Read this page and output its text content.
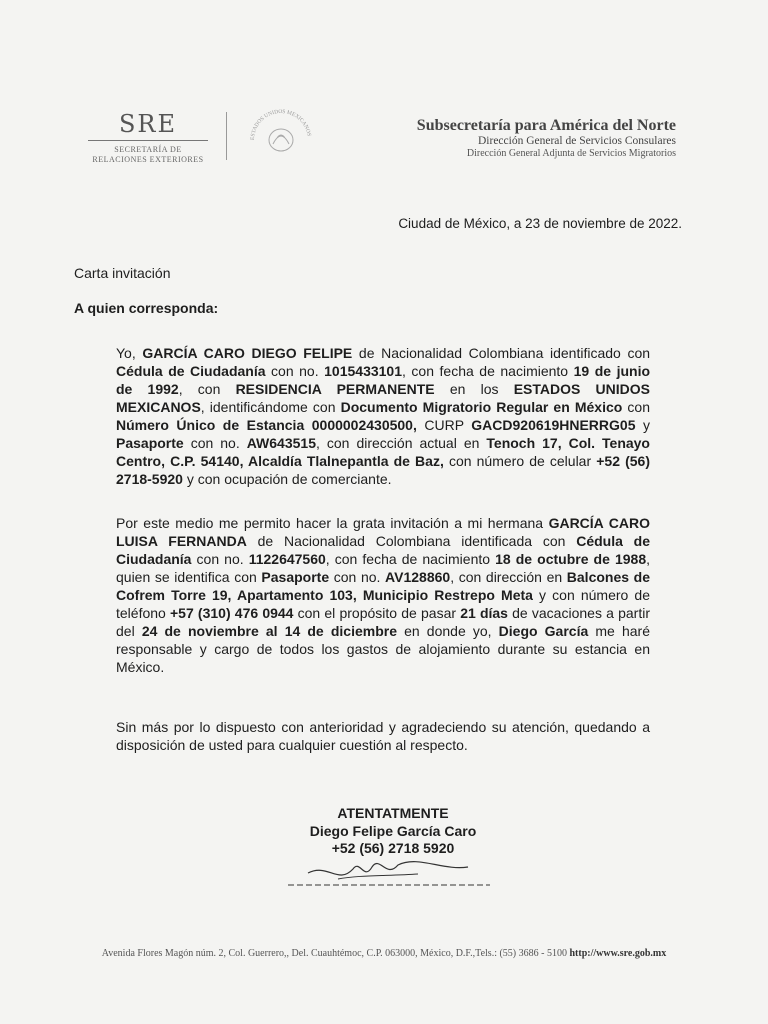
SRE
SECRETARÍA DE
RELACIONES EXTERIORES
ESTADOS UNIDOS MEXICANOS
Subsecretaría para América del Norte
Dirección General de Servicios Consulares
Dirección General Adjunta de Servicios Migratorios
Ciudad de México, a 23 de noviembre de 2022.
Carta invitación
A quien corresponda:
Yo, GARCÍA CARO DIEGO FELIPE de Nacionalidad Colombiana identificado con Cédula de Ciudadanía con no. 1015433101, con fecha de nacimiento 19 de junio de 1992, con RESIDENCIA PERMANENTE en los ESTADOS UNIDOS MEXICANOS, identificándome con Documento Migratorio Regular en México con Número Único de Estancia 0000002430500, CURP GACD920619HNERRG05 y Pasaporte con no. AW643515, con dirección actual en Tenoch 17, Col. Tenayo Centro, C.P. 54140, Alcaldía Tlalnepantla de Baz, con número de celular +52 (56) 2718-5920 y con ocupación de comerciante.
Por este medio me permito hacer la grata invitación a mi hermana GARCÍA CARO LUISA FERNANDA de Nacionalidad Colombiana identificada con Cédula de Ciudadanía con no. 1122647560, con fecha de nacimiento 18 de octubre de 1988, quien se identifica con Pasaporte con no. AV128860, con dirección en Balcones de Cofrem Torre 19, Apartamento 103, Municipio Restrepo Meta y con número de teléfono +57 (310) 476 0944 con el propósito de pasar 21 días de vacaciones a partir del 24 de noviembre al 14 de diciembre en donde yo, Diego García me haré responsable y cargo de todos los gastos de alojamiento durante su estancia en México.
Sin más por lo dispuesto con anterioridad y agradeciendo su atención, quedando a disposición de usted para cualquier cuestión al respecto.
ATENTATMENTE
Diego Felipe García Caro
+52 (56) 2718 5920
Avenida Flores Magón núm. 2, Col. Guerrero,, Del. Cuauhtémoc, C.P. 063000, México, D.F.,Tels.: (55) 3686 - 5100 http://www.sre.gob.mx
